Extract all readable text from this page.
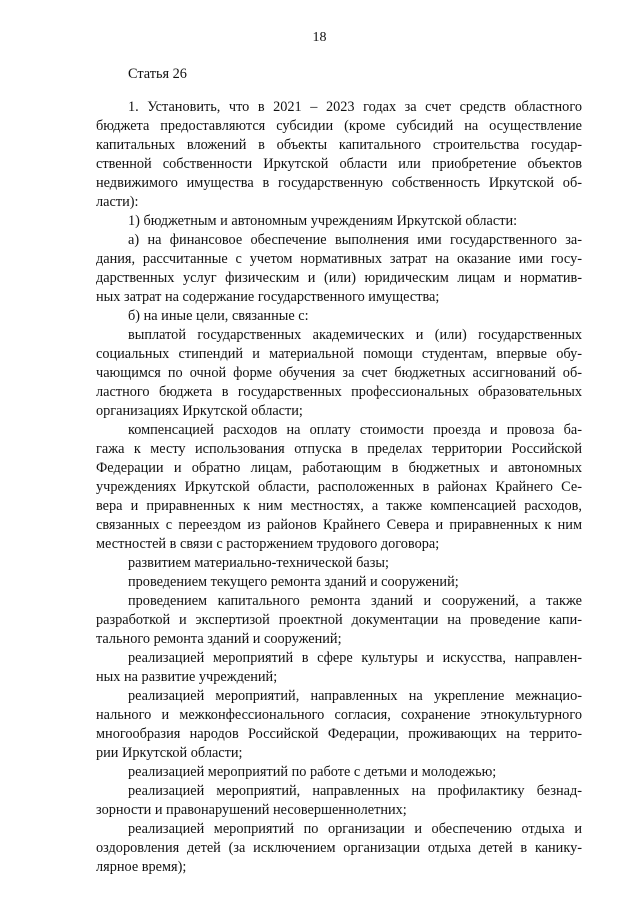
18
Статья 26

1. Установить, что в 2021 – 2023 годах за счет средств областного
бюджета предоставляются субсидии (кроме субсидий на осуществление
капитальных вложений в объекты капитального строительства государ-
ственной собственности Иркутской области или приобретение объектов
недвижимого имущества в государственную собственность Иркутской об-
ласти):

1) бюджетным и автономным учреждениям Иркутской области:

а) на финансовое обеспечение выполнения ими государственного за-
дания, рассчитанные с учетом нормативных затрат на оказание ими госу-
дарственных услуг физическим и (или) юридическим лицам и норматив-
ных затрат на содержание государственного имущества;

б) на иные цели, связанные с:

выплатой государственных академических и (или) государственных
социальных стипендий и материальной помощи студентам, впервые обу-
чающимся по очной форме обучения за счет бюджетных ассигнований об-
ластного бюджета в государственных профессиональных образовательных
организациях Иркутской области;

компенсацией расходов на оплату стоимости проезда и провоза ба-
гажа к месту использования отпуска в пределах территории Российской
Федерации и обратно лицам, работающим в бюджетных и автономных
учреждениях Иркутской области, расположенных в районах Крайнего Се-
вера и приравненных к ним местностях, а также компенсацией расходов,
связанных с переездом из районов Крайнего Севера и приравненных к ним
местностей в связи с расторжением трудового договора;

развитием материально-технической базы;

проведением текущего ремонта зданий и сооружений;

проведением капитального ремонта зданий и сооружений, а также
разработкой и экспертизой проектной документации на проведение капи-
тального ремонта зданий и сооружений;

реализацией мероприятий в сфере культуры и искусства, направлен-
ных на развитие учреждений;

реализацией мероприятий, направленных на укрепление межнацио-
нального и межконфессионального согласия, сохранение этнокультурного
многообразия народов Российской Федерации, проживающих на террито-
рии Иркутской области;

реализацией мероприятий по работе с детьми и молодежью;

реализацией мероприятий, направленных на профилактику безнад-
зорности и правонарушений несовершеннолетних;

реализацией мероприятий по организации и обеспечению отдыха и
оздоровления детей (за исключением организации отдыха детей в канику-
лярное время);
